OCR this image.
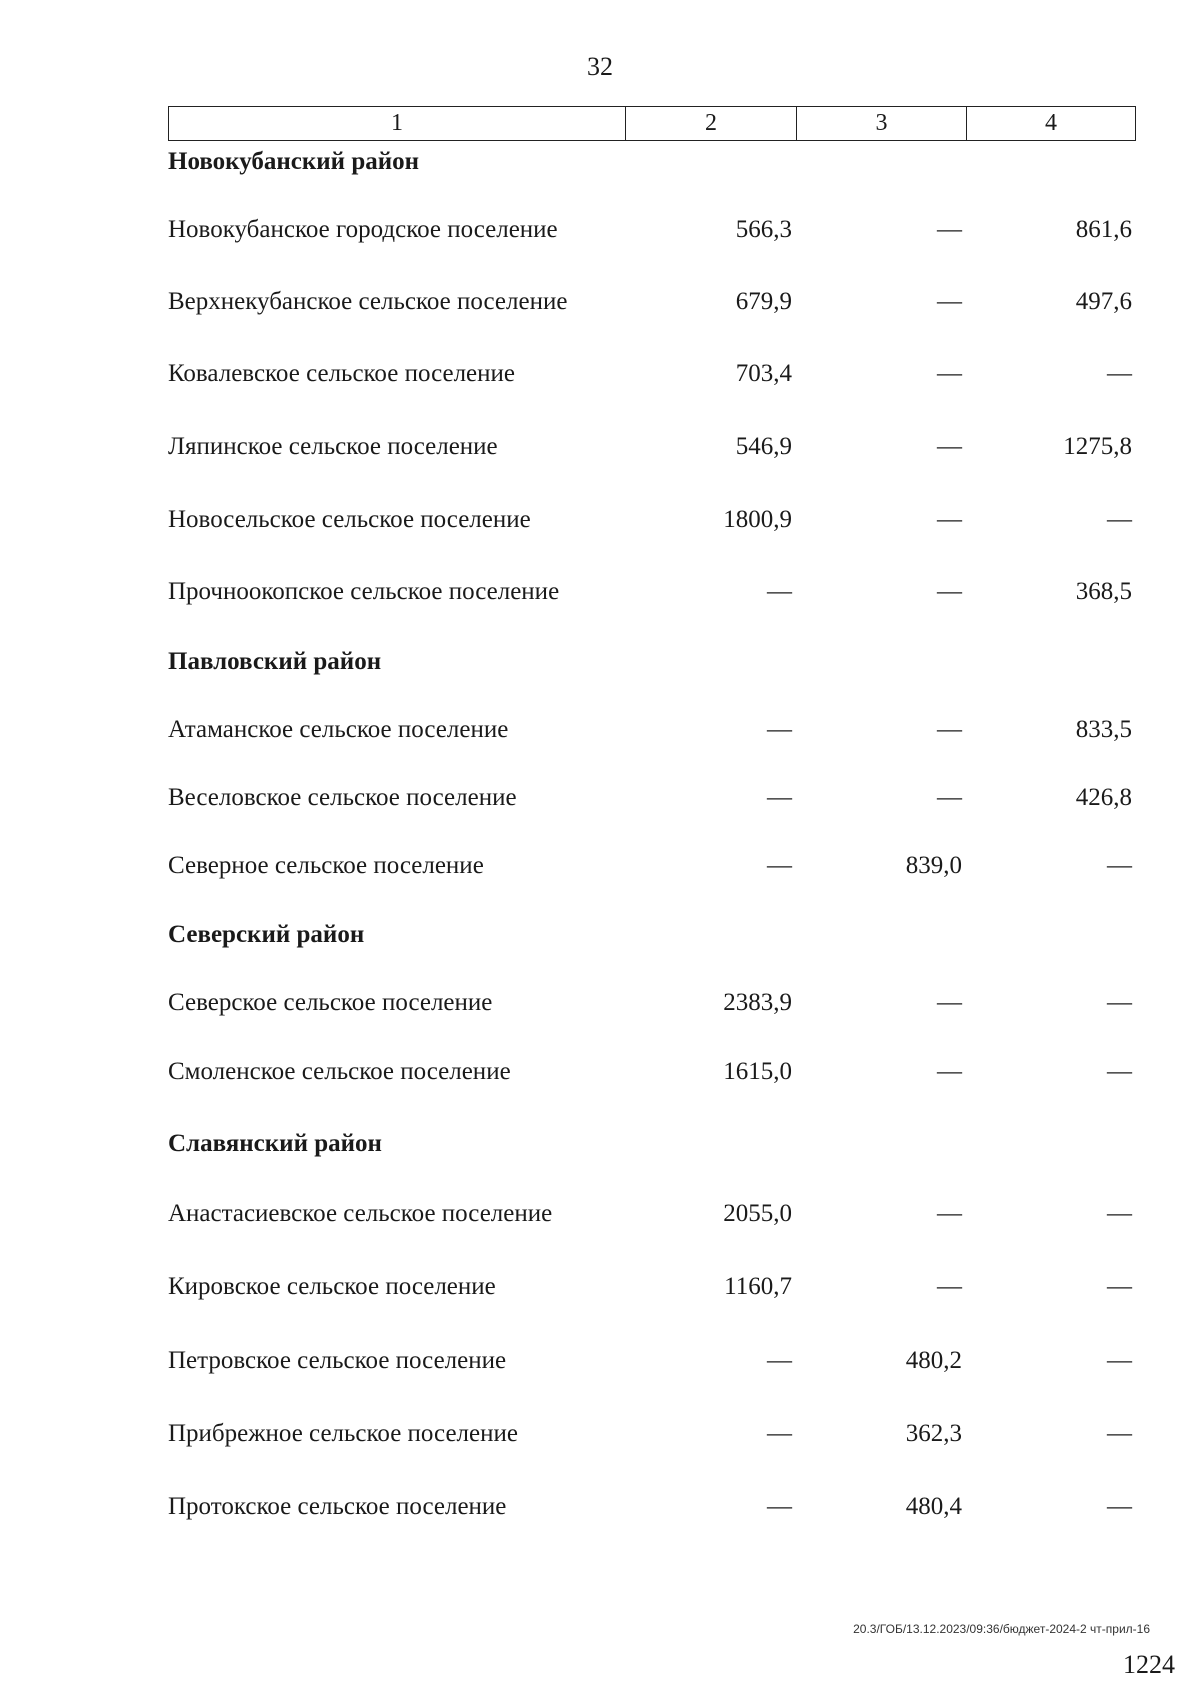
32
1	2	3	4
Новокубанский район
Новокубанское городское поселение	566,3	—	861,6
Верхнекубанское сельское поселение	679,9	—	497,6
Ковалевское сельское поселение	703,4	—	—
Ляпинское сельское поселение	546,9	—	1275,8
Новосельское сельское поселение	1800,9	—	—
Прочноокопское сельское поселение	—	—	368,5
Павловский район
Атаманское сельское поселение	—	—	833,5
Веселовское сельское поселение	—	—	426,8
Северное сельское поселение	—	839,0	—
Северский район
Северское сельское поселение	2383,9	—	—
Смоленское сельское поселение	1615,0	—	—
Славянский район
Анастасиевское сельское поселение	2055,0	—	—
Кировское сельское поселение	1160,7	—	—
Петровское сельское поселение	—	480,2	—
Прибрежное сельское поселение	—	362,3	—
Протокское сельское поселение	—	480,4	—
20.3/ГОБ/13.12.2023/09:36/бюджет-2024-2 чт-прил-16
1224
